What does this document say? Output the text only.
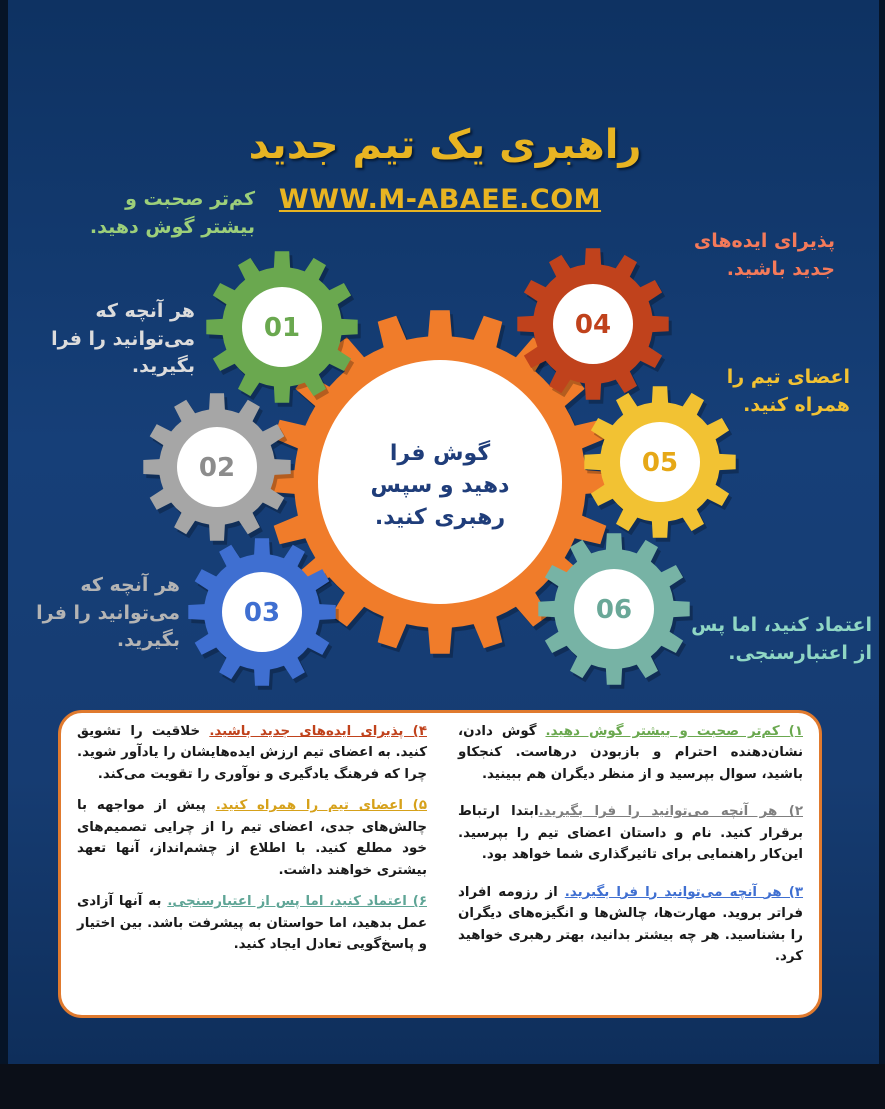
راهبری یک تیم جدید
WWW.M-ABAEE.COM
01
02
03
04
05
06
گوش فرا
دهید و سپس
رهبری کنید.
کم‌تر صحبت و
بیشتر گوش دهید.
هر آنچه که
می‌توانید را فرا
بگیرید.
هر آنچه که
می‌توانید را فرا
بگیرید.
پذیرای ایده‌های
جدید باشید.
اعضای تیم را
همراه کنید.
اعتماد کنید، اما پس
از اعتبارسنجی.
۱) کم‌تر صحبت و بیشتر گوش دهید. گوش دادن، نشان‌دهنده احترام و بازبودن درهاست. کنجکاو باشید، سوال بپرسید و از منظر دیگران هم ببینید.
۲) هر آنچه می‌توانید را فرا بگیرید.ابتدا ارتباط برقرار کنید. نام و داستان اعضای تیم را بپرسید. این‌کار راهنمایی برای تاثیرگذاری شما خواهد بود.
۳) هر آنچه می‌توانید را فرا بگیرید. از رزومه افراد فراتر بروید. مهارت‌ها، چالش‌ها و انگیزه‌های دیگران را بشناسید. هر چه بیشتر بدانید، بهتر رهبری خواهید کرد.
۴) پذیرای ایده‌های جدید باشید. خلاقیت را تشویق کنید. به اعضای تیم ارزش ایده‌هایشان را یادآور شوید. چرا که فرهنگ یادگیری و نوآوری را تقویت می‌کند.
۵) اعضای تیم را همراه کنید. پیش از مواجهه با چالش‌های جدی، اعضای تیم را از چرایی تصمیم‌های خود مطلع کنید. با اطلاع از چشم‌انداز، آنها تعهد بیشتری خواهند داشت.
۶) اعتماد کنید، اما پس از اعتبارسنجی. به آنها آزادی عمل بدهید، اما حواستان به پیشرفت باشد. بین اختیار و پاسخ‌گویی تعادل ایجاد کنید.
